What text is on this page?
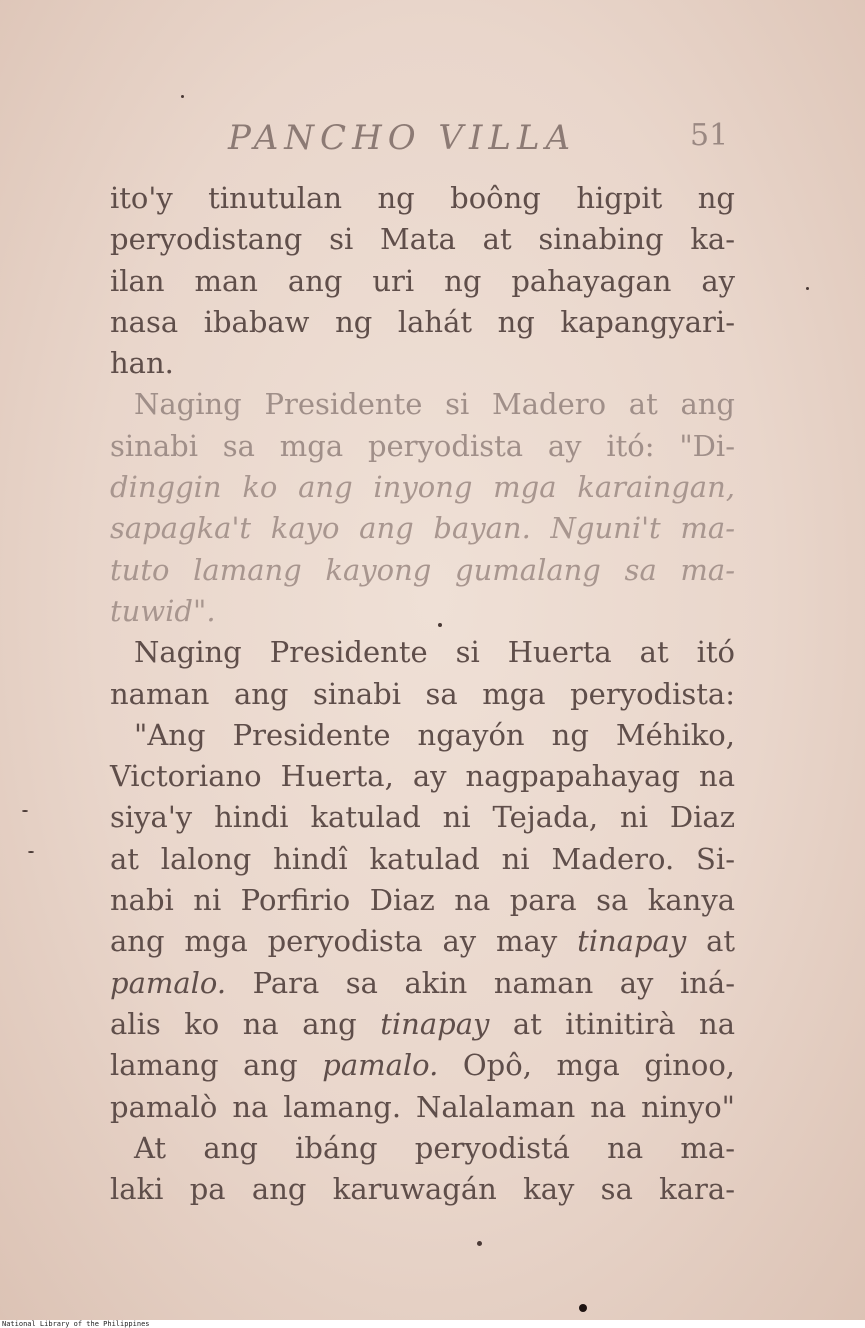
PANCHO VILLA	51
ito'y tinutulan ng boông higpit ng
peryodistang si Mata at sinabing ka-
ilan man ang uri ng pahayagan ay
nasa ibabaw ng lahát ng kapangyari-
han.
Naging Presidente si Madero at ang
sinabi sa mga peryodista ay itó: "Di-
dinggin ko ang inyong mga karaingan,
sapagka't kayo ang bayan. Nguni't ma-
tuto lamang kayong gumalang sa ma-
tuwid".
Naging Presidente si Huerta at itó
naman ang sinabi sa mga peryodista:
"Ang Presidente ngayón ng Méhiko,
Victoriano Huerta, ay nagpapahayag na
siya'y hindi katulad ni Tejada, ni Diaz
at lalong hindî katulad ni Madero. Si-
nabi ni Porfirio Diaz na para sa kanya
ang mga peryodista ay may tinapay at
pamalo. Para sa akin naman ay iná-
alis ko na ang tinapay at itinitirà na
lamang ang pamalo. Opô, mga ginoo,
pamalò na lamang. Nalalaman na ninyo"
At ang ibáng peryodistá na ma-
laki pa ang karuwagán kay sa kara-
National Library of the Philippines
